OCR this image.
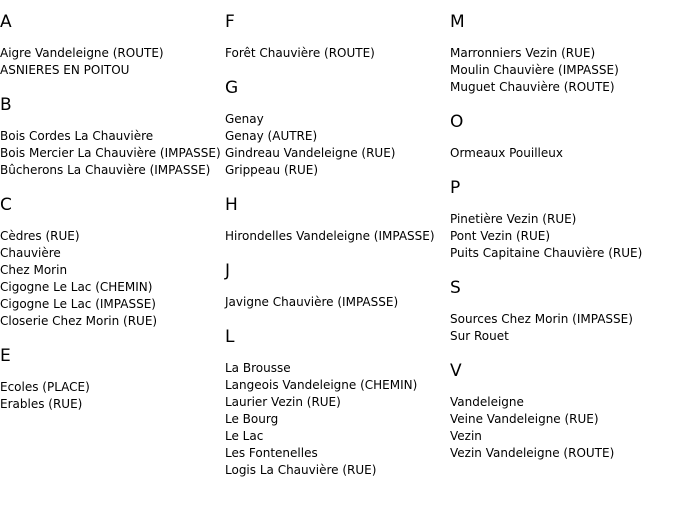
A
Aigre Vandeleigne (ROUTE)
ASNIERES EN POITOU
B
Bois Cordes La Chauvière
Bois Mercier La Chauvière (IMPASSE)
Bûcherons La Chauvière (IMPASSE)
C
Cèdres (RUE)
Chauvière
Chez Morin
Cigogne Le Lac (CHEMIN)
Cigogne Le Lac (IMPASSE)
Closerie Chez Morin (RUE)
E
Ecoles (PLACE)
Erables (RUE)
F
Forêt Chauvière (ROUTE)
G
Genay
Genay (AUTRE)
Gindreau Vandeleigne (RUE)
Grippeau (RUE)
H
Hirondelles Vandeleigne (IMPASSE)
J
Javigne Chauvière (IMPASSE)
L
La Brousse
Langeois Vandeleigne (CHEMIN)
Laurier Vezin (RUE)
Le Bourg
Le Lac
Les Fontenelles
Logis La Chauvière (RUE)
M
Marronniers Vezin (RUE)
Moulin Chauvière (IMPASSE)
Muguet Chauvière (ROUTE)
O
Ormeaux Pouilleux
P
Pinetière Vezin (RUE)
Pont Vezin (RUE)
Puits Capitaine Chauvière (RUE)
S
Sources Chez Morin (IMPASSE)
Sur Rouet
V
Vandeleigne
Veine Vandeleigne (RUE)
Vezin
Vezin Vandeleigne (ROUTE)
